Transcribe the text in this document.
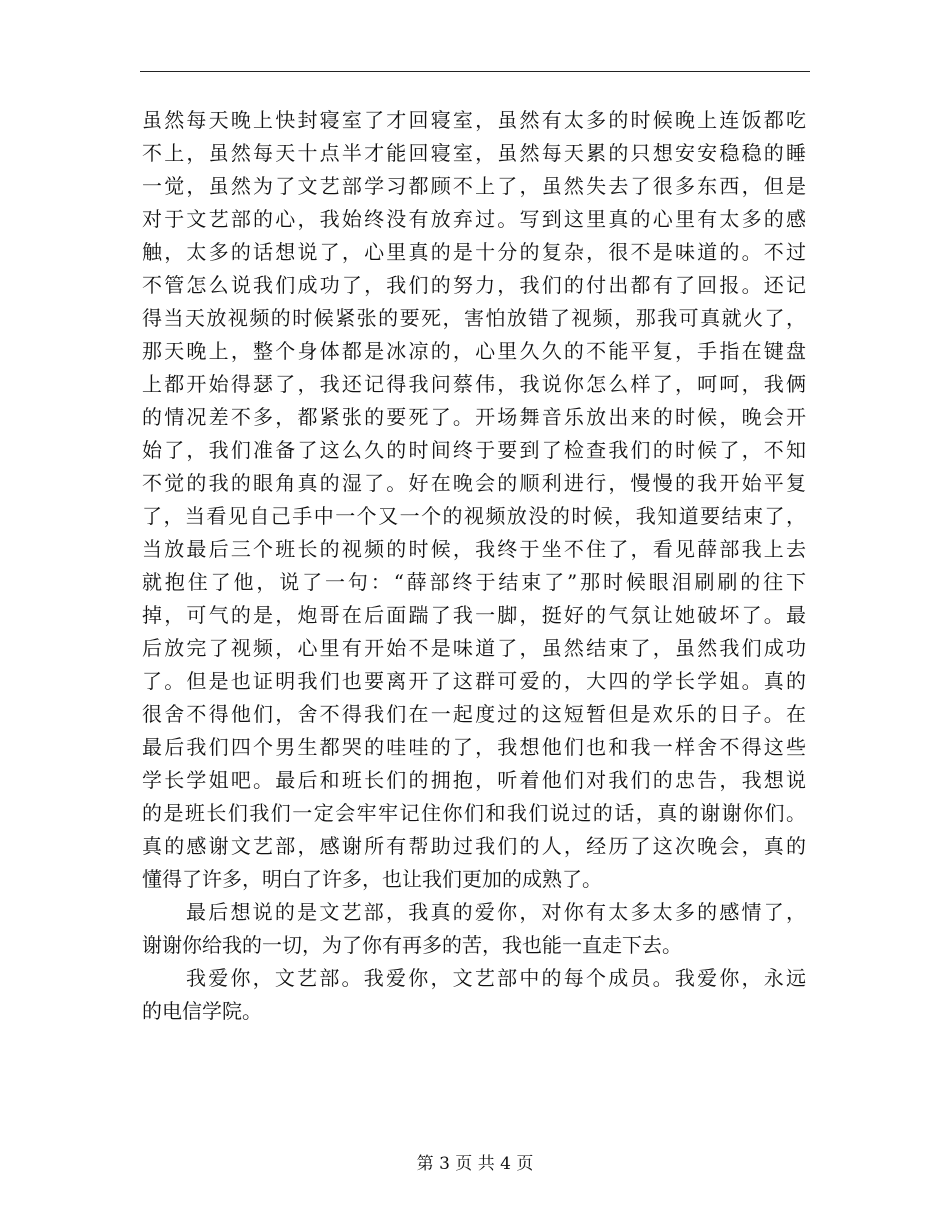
虽然每天晚上快封寝室了才回寝室，虽然有太多的时候晚上连饭都吃
不上，虽然每天十点半才能回寝室，虽然每天累的只想安安稳稳的睡
一觉，虽然为了文艺部学习都顾不上了，虽然失去了很多东西，但是
对于文艺部的心，我始终没有放弃过。写到这里真的心里有太多的感
触，太多的话想说了，心里真的是十分的复杂，很不是味道的。不过
不管怎么说我们成功了，我们的努力，我们的付出都有了回报。还记
得当天放视频的时候紧张的要死，害怕放错了视频，那我可真就火了，
那天晚上，整个身体都是冰凉的，心里久久的不能平复，手指在键盘
上都开始得瑟了，我还记得我问蔡伟，我说你怎么样了，呵呵，我俩
的情况差不多，都紧张的要死了。开场舞音乐放出来的时候，晚会开
始了，我们准备了这么久的时间终于要到了检查我们的时候了，不知
不觉的我的眼角真的湿了。好在晚会的顺利进行，慢慢的我开始平复
了，当看见自己手中一个又一个的视频放没的时候，我知道要结束了，
当放最后三个班长的视频的时候，我终于坐不住了，看见薛部我上去
就抱住了他，说了一句：“薛部终于结束了”那时候眼泪刷刷的往下
掉，可气的是，炮哥在后面踹了我一脚，挺好的气氛让她破坏了。最
后放完了视频，心里有开始不是味道了，虽然结束了，虽然我们成功
了。但是也证明我们也要离开了这群可爱的，大四的学长学姐。真的
很舍不得他们，舍不得我们在一起度过的这短暂但是欢乐的日子。在
最后我们四个男生都哭的哇哇的了，我想他们也和我一样舍不得这些
学长学姐吧。最后和班长们的拥抱，听着他们对我们的忠告，我想说
的是班长们我们一定会牢牢记住你们和我们说过的话，真的谢谢你们。
真的感谢文艺部，感谢所有帮助过我们的人，经历了这次晚会，真的
懂得了许多，明白了许多，也让我们更加的成熟了。
最后想说的是文艺部，我真的爱你，对你有太多太多的感情了，
谢谢你给我的一切，为了你有再多的苦，我也能一直走下去。
我爱你，文艺部。我爱你，文艺部中的每个成员。我爱你，永远
的电信学院。
第 3 页 共 4 页
